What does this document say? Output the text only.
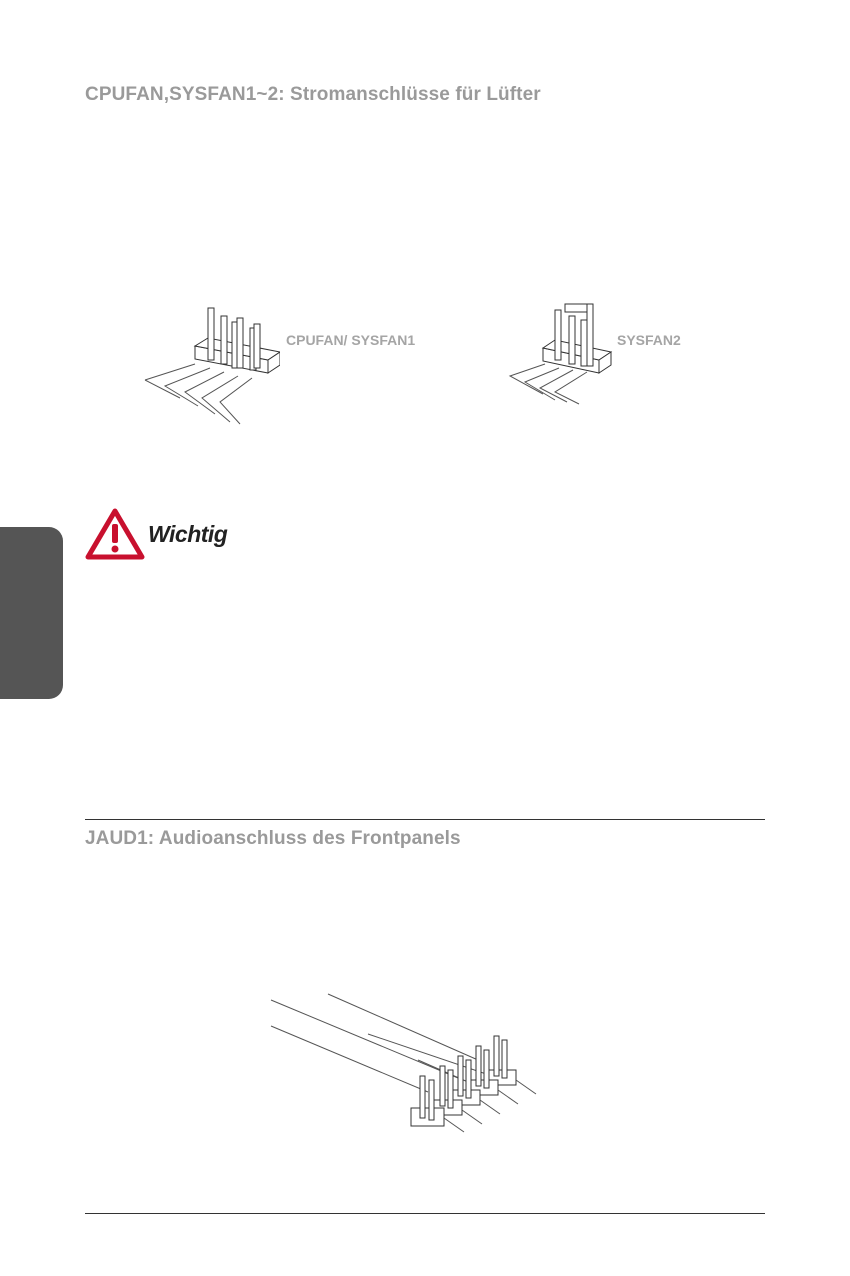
CPUFAN,SYSFAN1~2: Stromanschlüsse für Lüfter
CPUFAN/ SYSFAN1	SYSFAN2
Wichtig
JAUD1: Audioanschluss des Frontpanels
